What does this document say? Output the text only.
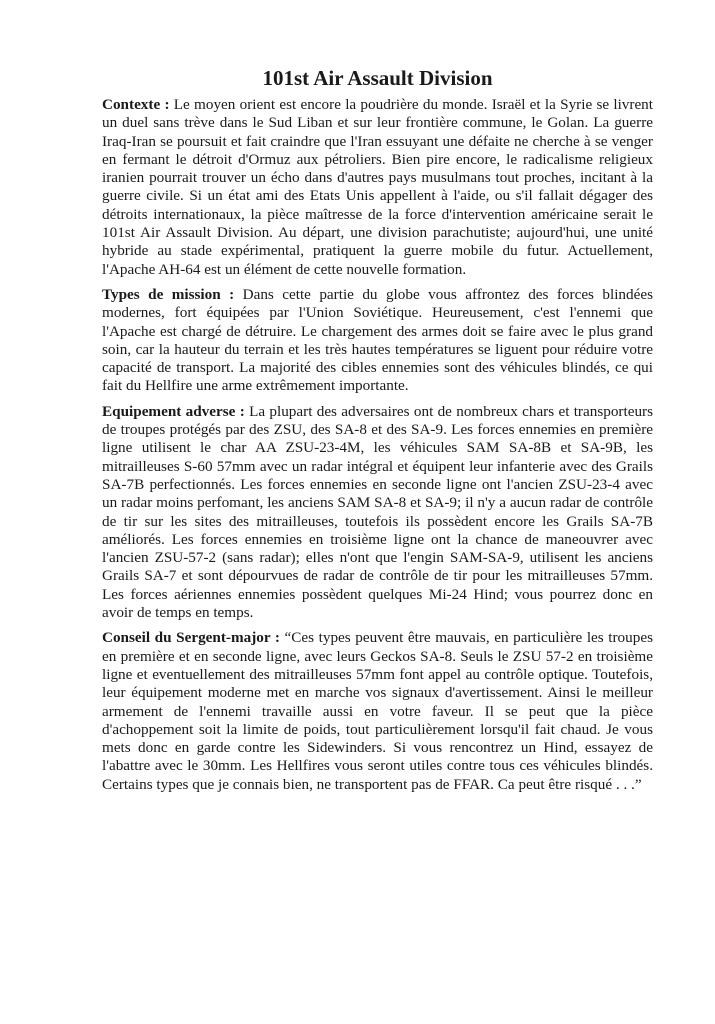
101st Air Assault Division

Contexte : Le moyen orient est encore la poudrière du monde. Israël et la Syrie se livrent un duel sans trève dans le Sud Liban et sur leur frontière commune, le Golan. La guerre Iraq-Iran se poursuit et fait craindre que l'Iran essuyant une défaite ne cherche à se venger en fermant le détroit d'Ormuz aux pétroliers. Bien pire encore, le radicalisme religieux iranien pourrait trouver un écho dans d'autres pays musulmans tout proches, incitant à la guerre civile. Si un état ami des Etats Unis appellent à l'aide, ou s'il fallait dégager des détroits internationaux, la pièce maîtresse de la force d'intervention américaine serait le 101st Air Assault Division. Au départ, une division parachutiste; aujourd'hui, une unité hybride au stade expérimental, pratiquent la guerre mobile du futur. Actuellement, l'Apache AH-64 est un élément de cette nouvelle formation.

Types de mission : Dans cette partie du globe vous affrontez des forces blindées modernes, fort équipées par l'Union Soviétique. Heureusement, c'est l'ennemi que l'Apache est chargé de détruire. Le chargement des armes doit se faire avec le plus grand soin, car la hauteur du terrain et les très hautes températures se liguent pour réduire votre capacité de transport. La majorité des cibles ennemies sont des véhicules blindés, ce qui fait du Hellfire une arme extrêmement importante.

Equipement adverse : La plupart des adversaires ont de nombreux chars et transporteurs de troupes protégés par des ZSU, des SA-8 et des SA-9. Les forces ennemies en première ligne utilisent le char AA ZSU-23-4M, les véhicules SAM SA-8B et SA-9B, les mitrailleuses S-60 57mm avec un radar intégral et équipent leur infanterie avec des Grails SA-7B perfectionnés. Les forces ennemies en seconde ligne ont l'ancien ZSU-23-4 avec un radar moins perfomant, les anciens SAM SA-8 et SA-9; il n'y a aucun radar de contrôle de tir sur les sites des mitrailleuses, toutefois ils possèdent encore les Grails SA-7B améliorés. Les forces ennemies en troisième ligne ont la chance de maneouvrer avec l'ancien ZSU-57-2 (sans radar); elles n'ont que l'engin SAM-SA-9, utilisent les anciens Grails SA-7 et sont dépourvues de radar de contrôle de tir pour les mitrailleuses 57mm. Les forces aériennes ennemies possèdent quelques Mi-24 Hind; vous pourrez donc en avoir de temps en temps.

Conseil du Sergent-major : “Ces types peuvent être mauvais, en particulière les troupes en première et en seconde ligne, avec leurs Geckos SA-8. Seuls le ZSU 57-2 en troisième ligne et eventuellement des mitrailleuses 57mm font appel au contrôle optique. Toutefois, leur équipement moderne met en marche vos signaux d'avertissement. Ainsi le meilleur armement de l'ennemi travaille aussi en votre faveur. Il se peut que la pièce d'achoppement soit la limite de poids, tout particulièrement lorsqu'il fait chaud. Je vous mets donc en garde contre les Sidewinders. Si vous rencontrez un Hind, essayez de l'abattre avec le 30mm. Les Hellfires vous seront utiles contre tous ces véhicules blindés. Certains types que je connais bien, ne transportent pas de FFAR. Ca peut être risqué . . .”
